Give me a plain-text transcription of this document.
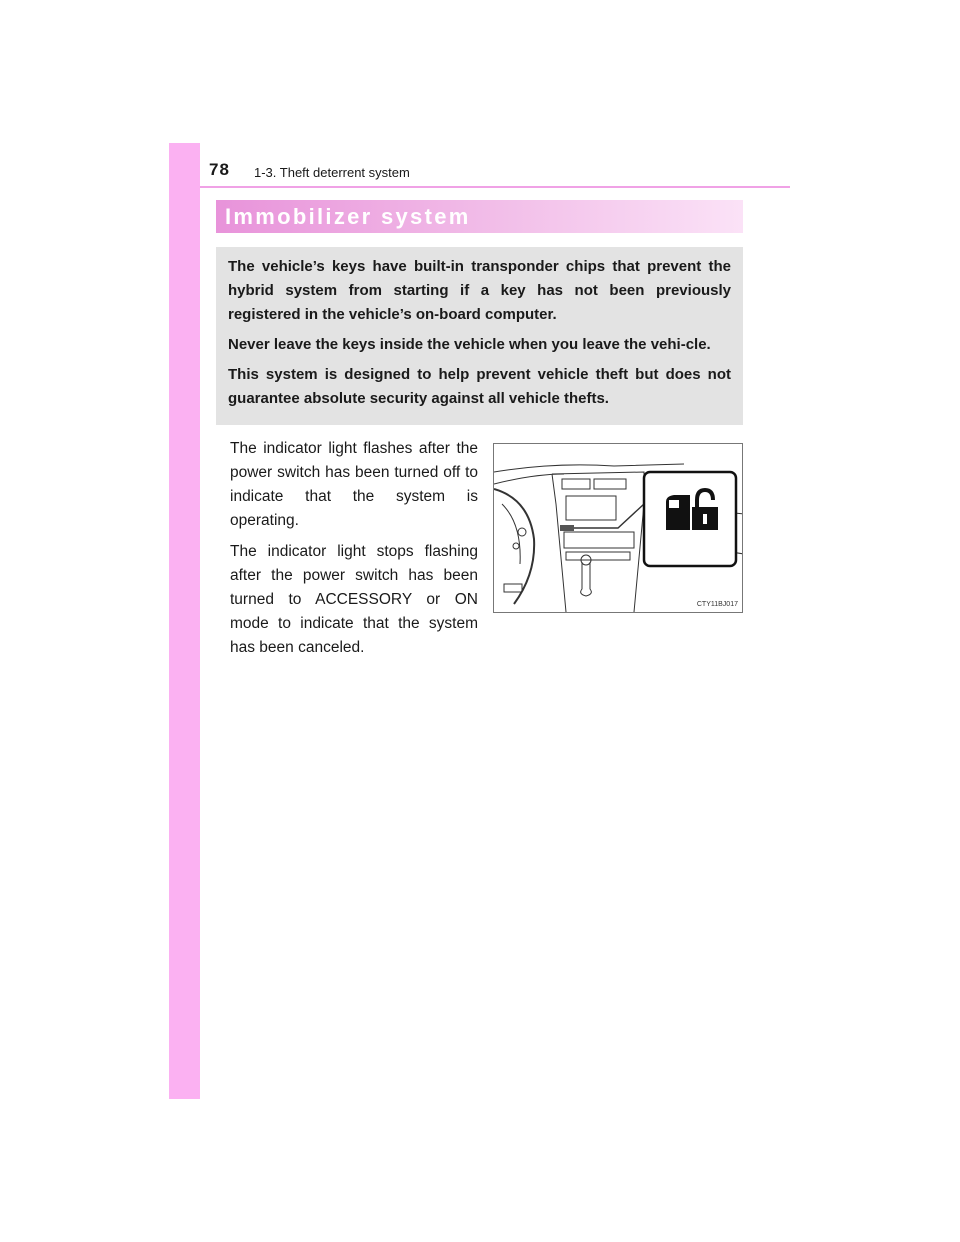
78 1-3. Theft deterrent system
Immobilizer system

The vehicle’s keys have built-in transponder chips that prevent the hybrid system from starting if a key has not been previously registered in the vehicle’s on-board computer.

Never leave the keys inside the vehicle when you leave the vehi-cle.

This system is designed to help prevent vehicle theft but does not guarantee absolute security against all vehicle thefts.

The indicator light flashes after the power switch has been turned off to indicate that the system is operating.

The indicator light stops flashing after the power switch has been turned to ACCESSORY or ON mode to indicate that the system has been canceled.

CTY11BJ017
